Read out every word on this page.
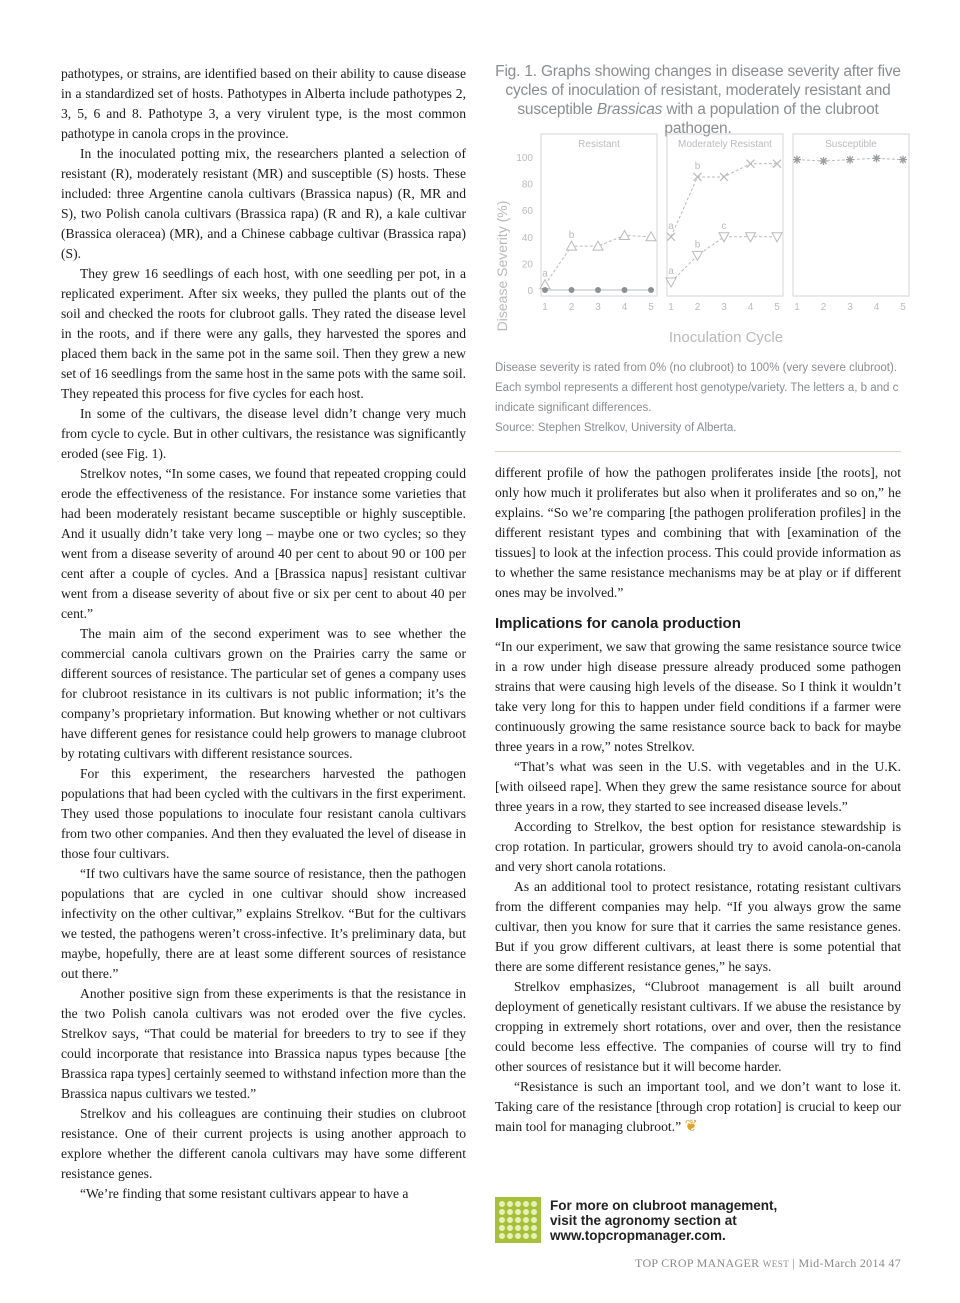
pathotypes, or strains, are identified based on their ability to cause disease in a standardized set of hosts. Pathotypes in Alberta include pathotypes 2, 3, 5, 6 and 8. Pathotype 3, a very virulent type, is the most common pathotype in canola crops in the province.

In the inoculated potting mix, the researchers planted a selection of resistant (R), moderately resistant (MR) and susceptible (S) hosts. These included: three Argentine canola cultivars (Brassica napus) (R, MR and S), two Polish canola cultivars (Brassica rapa) (R and R), a kale cultivar (Brassica oleracea) (MR), and a Chinese cabbage cultivar (Brassica rapa) (S).

They grew 16 seedlings of each host, with one seedling per pot, in a replicated experiment. After six weeks, they pulled the plants out of the soil and checked the roots for clubroot galls. They rated the disease level in the roots, and if there were any galls, they harvested the spores and placed them back in the same pot in the same soil. Then they grew a new set of 16 seedlings from the same host in the same pots with the same soil. They repeated this process for five cycles for each host.

In some of the cultivars, the disease level didn’t change very much from cycle to cycle. But in other cultivars, the resistance was significantly eroded (see Fig. 1).

Strelkov notes, “In some cases, we found that repeated cropping could erode the effectiveness of the resistance. For instance some varieties that had been moderately resistant became susceptible or highly susceptible. And it usually didn’t take very long – maybe one or two cycles; so they went from a disease severity of around 40 per cent to about 90 or 100 per cent after a couple of cycles. And a [Brassica napus] resistant cultivar went from a disease severity of about five or six per cent to about 40 per cent.”

The main aim of the second experiment was to see whether the commercial canola cultivars grown on the Prairies carry the same or different sources of resistance. The particular set of genes a company uses for clubroot resistance in its cultivars is not public information; it’s the company’s proprietary information. But knowing whether or not cultivars have different genes for resistance could help growers to manage clubroot by rotating cultivars with different resistance sources.

For this experiment, the researchers harvested the pathogen populations that had been cycled with the cultivars in the first experiment. They used those populations to inoculate four resistant canola cultivars from two other companies. And then they evaluated the level of disease in those four cultivars.

“If two cultivars have the same source of resistance, then the pathogen populations that are cycled in one cultivar should show increased infectivity on the other cultivar,” explains Strelkov. “But for the cultivars we tested, the pathogens weren’t cross-infective. It’s preliminary data, but maybe, hopefully, there are at least some different sources of resistance out there.”

Another positive sign from these experiments is that the resistance in the two Polish canola cultivars was not eroded over the five cycles. Strelkov says, “That could be material for breeders to try to see if they could incorporate that resistance into Brassica napus types because [the Brassica rapa types] certainly seemed to withstand infection more than the Brassica napus cultivars we tested.”

Strelkov and his colleagues are continuing their studies on clubroot resistance. One of their current projects is using another approach to explore whether the different canola cultivars may have some different resistance genes.

“We’re finding that some resistant cultivars appear to have a

Fig. 1. Graphs showing changes in disease severity after five cycles of inoculation of resistant, moderately resistant and susceptible Brassicas with a population of the clubroot pathogen.

Disease Severity (%)
Inoculation Cycle
0
20
40
60
80
100
Resistant
1 2 3 4 5
a
b
Moderately Resistant
1 2 3 4 5
a
b
a
b
c
Susceptible
1 2 3 4 5

Disease severity is rated from 0% (no clubroot) to 100% (very severe clubroot).

Each symbol represents a different host genotype/variety. The letters a, b and c indicate significant differences.

Source: Stephen Strelkov, University of Alberta.

different profile of how the pathogen proliferates inside [the roots], not only how much it proliferates but also when it proliferates and so on,” he explains. “So we’re comparing [the pathogen proliferation profiles] in the different resistant types and combining that with [examination of the tissues] to look at the infection process. This could provide information as to whether the same resistance mechanisms may be at play or if different ones may be involved.”

Implications for canola production

“In our experiment, we saw that growing the same resistance source twice in a row under high disease pressure already produced some pathogen strains that were causing high levels of the disease. So I think it wouldn’t take very long for this to happen under field conditions if a farmer were continuously growing the same resistance source back to back for maybe three years in a row,” notes Strelkov.

“That’s what was seen in the U.S. with vegetables and in the U.K. [with oilseed rape]. When they grew the same resistance source for about three years in a row, they started to see increased disease levels.”

According to Strelkov, the best option for resistance stewardship is crop rotation. In particular, growers should try to avoid canola-on-canola and very short canola rotations.

As an additional tool to protect resistance, rotating resistant cultivars from the different companies may help. “If you always grow the same cultivar, then you know for sure that it carries the same resistance genes. But if you grow different cultivars, at least there is some potential that there are some different resistance genes,” he says.

Strelkov emphasizes, “Clubroot management is all built around deployment of genetically resistant cultivars. If we abuse the resistance by cropping in extremely short rotations, over and over, then the resistance could become less effective. The companies of course will try to find other sources of resistance but it will become harder.

“Resistance is such an important tool, and we don’t want to lose it. Taking care of the resistance [through crop rotation] is crucial to keep our main tool for managing clubroot.” ❦

For more on clubroot management,
visit the agronomy section at
www.topcropmanager.com.
TOP CROP MANAGER WEST | Mid-March 2014 47
